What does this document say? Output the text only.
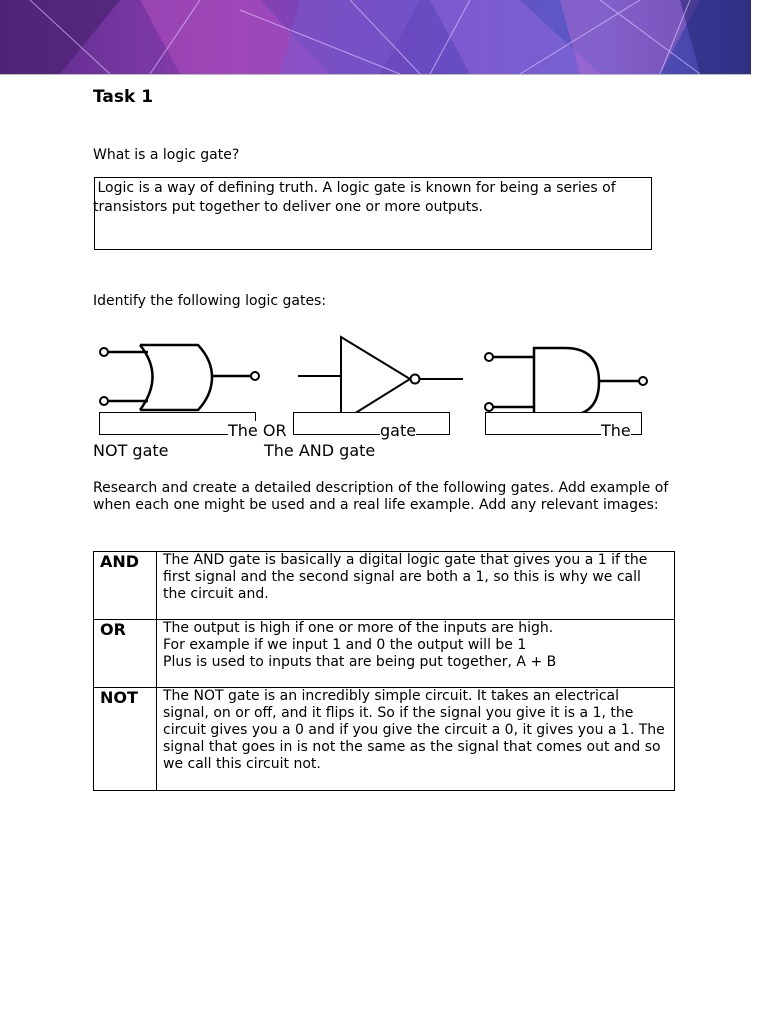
Task 1
What is a logic gate?
Logic is a way of defining truth. A logic gate is known for being a series of
transistors put together to deliver one or more outputs.
Identify the following logic gates:
The OR	gate	The
NOT gate	The AND gate
Research and create a detailed description of the following gates. Add example of when each one might be used and a real life example. Add any relevant images:
AND	The AND gate is basically a digital logic gate that gives you a 1 if the first signal and the second signal are both a 1, so this is why we call the circuit and.
OR	The output is high if one or more of the inputs are high.
For example if we input 1 and 0 the output will be 1
Plus is used to inputs that are being put together, A + B
NOT	The NOT gate is an incredibly simple circuit. It takes an electrical signal, on or off, and it flips it. So if the signal you give it is a 1, the circuit gives you a 0 and if you give the circuit a 0, it gives you a 1. The signal that goes in is not the same as the signal that comes out and so we call this circuit not.
